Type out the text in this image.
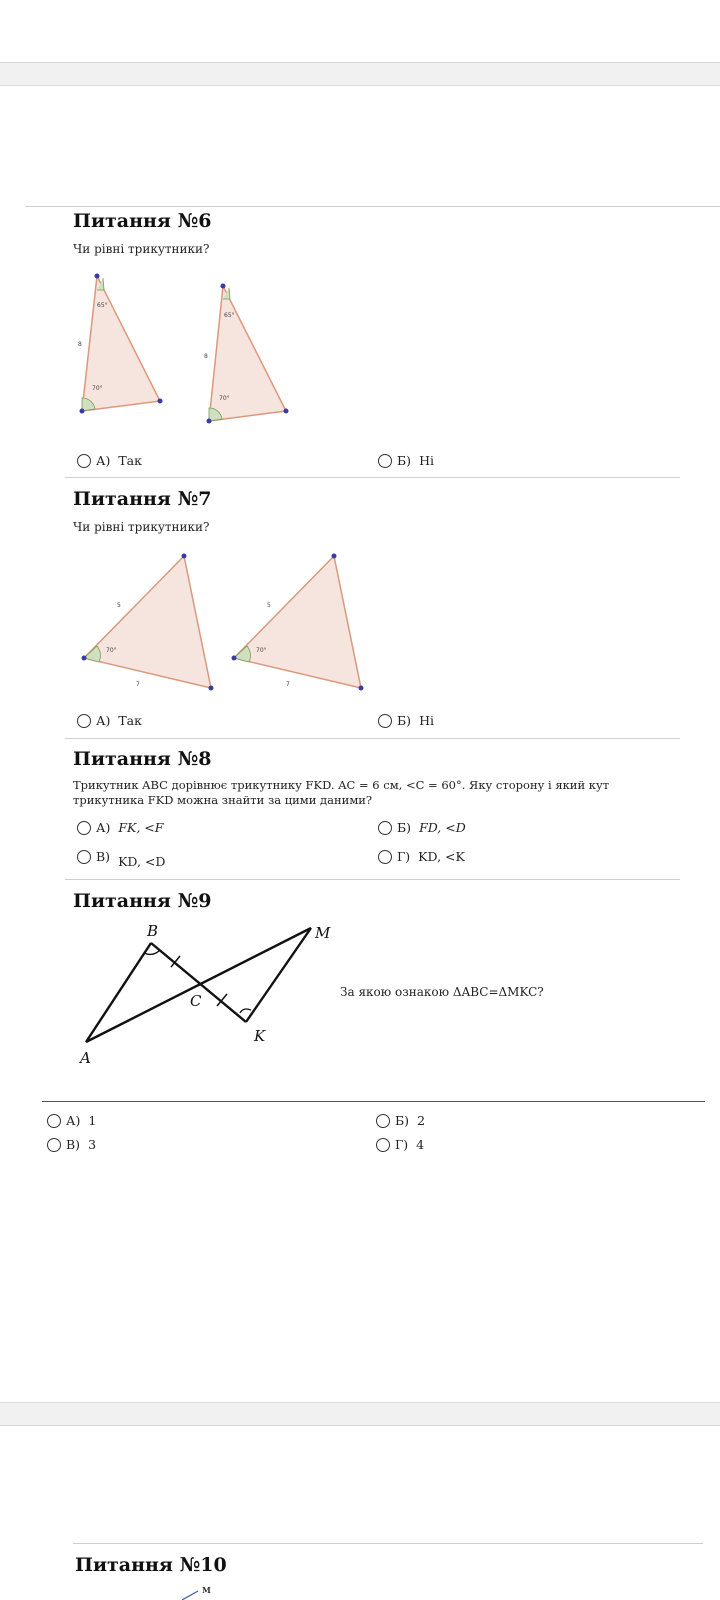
Питання №6

Чи рівні трикутники?

65°
70°
8
65°
70°
8
А) Так	Б) Ні
Питання №7

Чи рівні трикутники?

70°
5
7
70°
5
7
А) Так	Б) Ні
Питання №8

Трикутник ABC дорівнює трикутнику FKD. AC = 6 см, <C = 60°. Яку сторону і який кут

трикутника FKD можна знайти за цими даними?

А) FK, <F	Б) FD, <D
В) KD, <D	Г) KD, <K
Питання №9
B	M
C
K
A

За якою ознакою ΔABC=ΔMKC?

А) 1	Б) 2
В) 3	Г) 4
Питання №10
M
